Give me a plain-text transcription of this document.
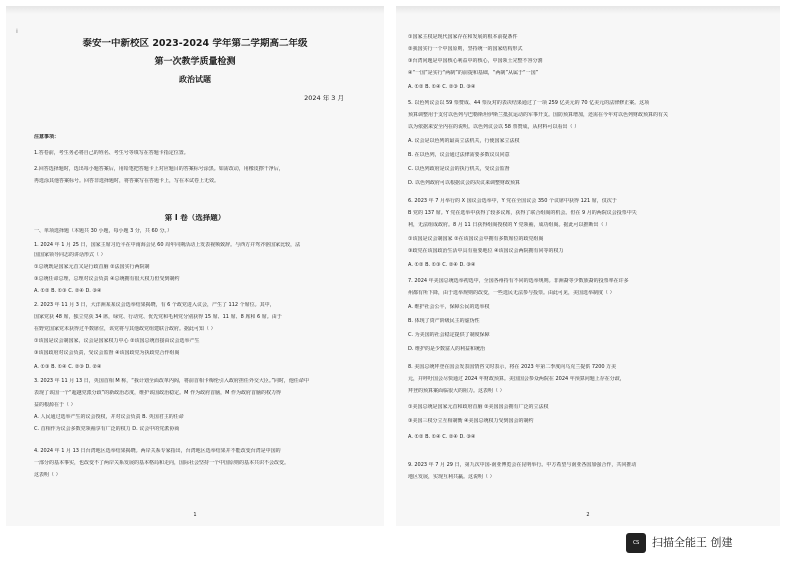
⁞
泰安一中新校区 2023-2024 学年第二学期高二年级
第一次教学质量检测
政治试题
2024 年 3 月
注意事项：
1.答卷前，考生务必将自己的姓名、考生号等填写在答题卡指定位置。
2.回答选择题时，选出每小题答案后，用铅笔把答题卡上对应题目的答案标号涂黑。如需改动，用橡皮擦干净后，
再选涂其他答案标号。回答非选择题时，将答案写在答题卡上，写在本试卷上无效。
第 I 卷（选择题）
一、单项选择题（本题共 30 小题，每小题 3 分，共 60 分。）
1. 2024 年 1 月 25 日，国家主席习近平在中南海会见 60 周年同期活动上发表视频致辞。与西方并驾齐驱国家比较，法
国国家领导同志的讲话形式（ ）
①总统既是国家元首又是行政首脑 ②法国实行两院制
③总统任命总理，总理对议会负责 ④总统拥有很大权力但受到制约
A. ①② B. ①③ C. ②④ D. ③④
2. 2023 年 11 月 3 日，大洋洲某某议会选举结果揭晓，有 6 个政党进入议会，产生了 112 个席位。其中，
国家党获 48 席，独立党获 34 席，绿党、行动党、优先党和毛利党分别获得 15 席、11 席、8 席和 6 席。由于
在野党国家党未获得过半数席位，该党将与其他政党组建联合政府。据此可知（ ）
①该国是议会制国家，议会是国家权力中心 ②该国总统直接由议会选举产生
③该国政府对议会负责，受议会监督 ④该国政党为执政党合作组阁
A. ①③ B. ①④ C. ②③ D. ②④
3. 2023 年 11 月 13 日，英国首相 M 称，“我计划全面改革内阁，将前首相卡梅伦引入政府担任外交大臣。”同时，他任命中
表现了该国一个“超越党派分歧”的新政治态度，维护该国政治稳定。M 作为政府首脑，M 作为政府首脑的权力得
益的根源在于（ ）
A. 人民通过选举产生的议会授权，并对议会负责 B. 英国君主的任命
C. 首相作为议会多数党领袖享有广泛的权力 D. 议会中的党派协商
4. 2024 年 1 月 13 日台湾地区选举结果揭晓。两岸关系专家指出，台湾地区选举结果并不能改变台湾是中国的
一部分的基本事实，也改变不了两岸关系发展的基本格局和走向，国际社会坚持一个中国原则的基本共识不会改变。
这表明（ ）
1
①国家主权是现代国家存在和发展的根本前提条件
②我国实行一个中国原则，坚持统一的国家结构形式
③台湾问题是中国核心利益中的核心，中国领土完整不容分割
④“一国”是实行“两制”的前提和基础，“两制”从属于“一国”
A. ①② B. ①④ C. ②③ D. ③④
5. 以色列议会以 59 票赞成、44 票反对的表决结果通过了一项 259 亿美元的 70 亿美元的法律修正案。这项
预算调整用于支付以色列与巴勒斯坦伊斯兰抵抗运动的军事开支。国防预算增加，还需在今年对以色列财政预算的有关
以为依据来安全内在的说明。以色列议会以 58 票赞成，从材料可以看出（ ）
A. 议会是以色列的最高立法机关，行使国家立法权
B. 在以色列，议会通过法律需要多数议员同意
C. 以色列政府是议会的执行机关，受议会监督
D. 以色列政府可以根据议会的决议来调整财政预算
6. 2023 年 7 月举行的 X 国议会选举中，Y 党在全国议会 350 个议席中获得 121 席，仅次于
B 党的 137 席。Y 党在选举中获得了较多议席，获得了联合组阁的机会。但在 9 月的两院议会投票中失
利，无法组成政府。8 月 11 日获得组阁授权的 Y 党领袖，成功组阁。据此可以推断出（ ）
①该国是议会制国家 ②在该国议会中拥有多数席位的政党组阁
③政党在该国政治生活中具有重要地位 ④该国议会两院拥有同等的权力
A. ①② B. ①③ C. ②④ D. ③④
7. 2024 年美国总统选举初选中，全国各州持有不同的选举规则。非洲裔等少数族裔的投票率在许多
州都有所下降，由于选举规则的改变，一些选民无法参与投票。由此可见，美国选举制度（ ）
A. 维护社会公平，保障公民的选举权
B. 体现了资产阶级民主的虚伪性
C. 为美国的社会稳定提供了制度保障
D. 维护的是少数富人的利益和统治
8. 美国总统拜登在国会发表国情咨文时表示，将在 2023 年第二季度向乌克兰提供 7200 万美
元，并呼吁国会尽快通过 2024 年财政预算。美国国会参众两院在 2024 年预算问题上存在分歧，
拜登的预算案面临很大的阻力。这表明（ ）
①美国总统是国家元首和政府首脑 ②美国国会拥有广泛的立法权
③美国三权分立互相制衡 ④美国总统权力受到国会的制约
A. ①② B. ①④ C. ②④ D. ③④
9. 2023 年 7 月 29 日，第九次中国-南亚博览会在昆明举行。中方希望与南亚各国加强合作，共同推动
地区发展，实现互利共赢。这说明（ ）
2
CS 扫描全能王 创建
